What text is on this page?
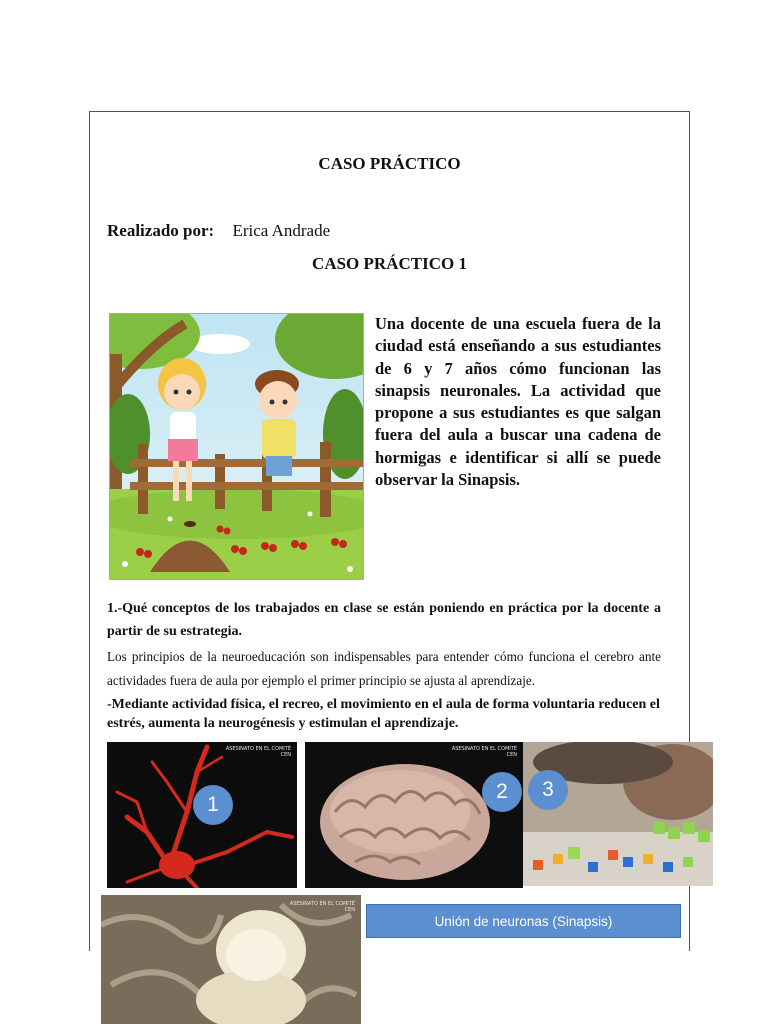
CASO PRÁCTICO
Realizado por: Erica Andrade
CASO PRÁCTICO 1
Una docente de una escuela fuera de la ciudad está enseñando a sus estudiantes de 6 y 7 años cómo funcionan las sinapsis neuronales. La actividad que propone a sus estudiantes es que salgan fuera del aula a buscar una cadena de hormigas e identificar si allí se puede observar la Sinapsis.
1.-Qué conceptos de los trabajados en clase se están poniendo en práctica por la docente a partir de su estrategia.
Los principios de la neuroeducación son indispensables para entender cómo funciona el cerebro ante actividades fuera de aula por ejemplo el primer principio se ajusta al aprendizaje.
-Mediante actividad física, el recreo, el movimiento en el aula de forma voluntaria reducen el estrés, aumenta la neurogénesis y estimulan el aprendizaje.
ASESINATO EN EL COMITÉ CEN
1
ASESINATO EN EL COMITÉ CEN
2	3
ASESINATO EN EL COMITÉ CEN
Unión de neuronas (Sinapsis)
